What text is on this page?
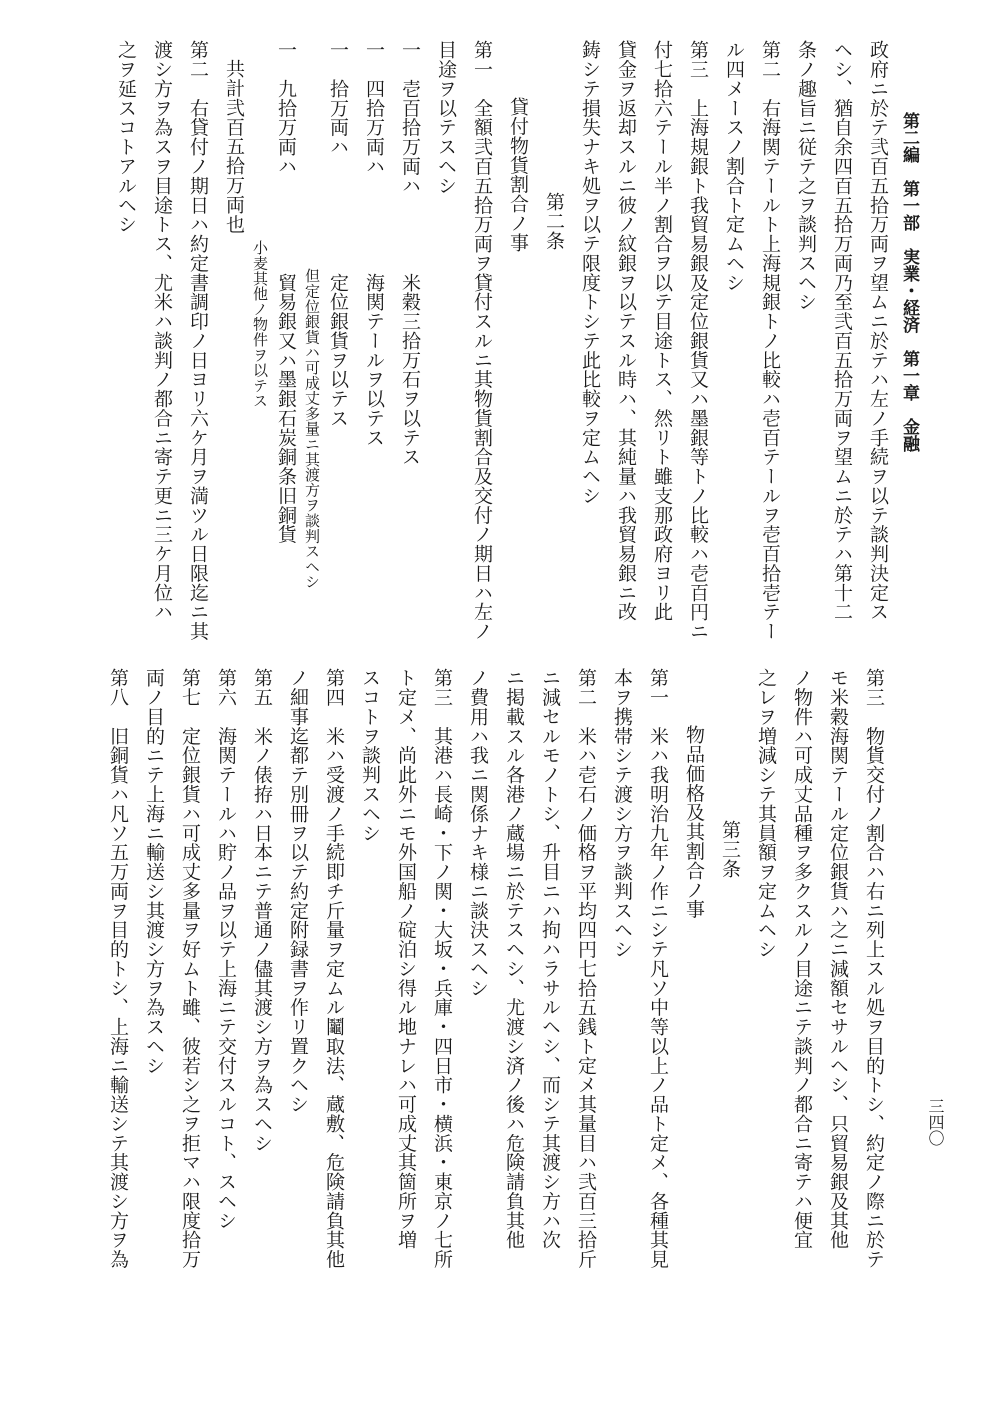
第二編　第一部　実業・経済　第一章　金融
三四〇
政府ニ於テ弐百五拾万両ヲ望ムニ於テハ左ノ手続ヲ以テ談判決定ス
ヘシ、猶自余四百五拾万両乃至弐百五拾万両ヲ望ムニ於テハ第十二
条ノ趣旨ニ従テ之ヲ談判スヘシ
第二　右海関テールト上海規銀トノ比較ハ壱百テールヲ壱百拾壱テー
ル四メースノ割合ト定ムヘシ
第三　上海規銀ト我貿易銀及定位銀貨又ハ墨銀等トノ比較ハ壱百円ニ
付七拾六テール半ノ割合ヲ以テ目途トス、然リト雖支那政府ヨリ此
貸金ヲ返却スルニ彼ノ紋銀ヲ以テスル時ハ、其純量ハ我貿易銀ニ改
鋳シテ損失ナキ処ヲ以テ限度トシテ此比較ヲ定ムヘシ
第二条
貸付物貨割合ノ事
第一　全額弐百五拾万両ヲ貸付スルニ其物貨割合及交付ノ期日ハ左ノ
目途ヲ以テスヘシ
一　壱百拾万両ハ　　　　米穀三拾万石ヲ以テス
一　四拾万両ハ　　　　　海関テールヲ以テス
一　拾万両ハ　　　　　　定位銀貨ヲ以テス
但定位銀貨ハ可成丈多量ニ其渡方ヲ談判スヘシ
一　九拾万両ハ　　　　　貿易銀又ハ墨銀石炭銅条旧銅貨
小麦其他ノ物件ヲ以テス
共計弐百五拾万両也
第二　右貸付ノ期日ハ約定書調印ノ日ヨリ六ケ月ヲ満ツル日限迄ニ其
渡シ方ヲ為スヲ目途トス、尤米ハ談判ノ都合ニ寄テ更ニ三ケ月位ハ
之ヲ延スコトアルヘシ
第三　物貨交付ノ割合ハ右ニ列上スル処ヲ目的トシ、約定ノ際ニ於テ
モ米穀海関テール定位銀貨ハ之ニ減額セサルヘシ、只貿易銀及其他
ノ物件ハ可成丈品種ヲ多クスルノ目途ニテ談判ノ都合ニ寄テハ便宜
之レヲ増減シテ其員額ヲ定ムヘシ
第三条
物品価格及其割合ノ事
第一　米ハ我明治九年ノ作ニシテ凡ソ中等以上ノ品ト定メ、各種其見
本ヲ携帯シテ渡シ方ヲ談判スヘシ
第二　米ハ壱石ノ価格ヲ平均四円七拾五銭ト定メ其量目ハ弐百三拾斤
ニ減セルモノトシ、升目ニハ拘ハラサルヘシ、而シテ其渡シ方ハ次
ニ掲載スル各港ノ蔵場ニ於テスヘシ、尤渡シ済ノ後ハ危険請負其他
ノ費用ハ我ニ関係ナキ様ニ談決スヘシ
第三　其港ハ長崎・下ノ関・大坂・兵庫・四日市・横浜・東京ノ七所
ト定メ、尚此外ニモ外国船ノ碇泊シ得ル地ナレハ可成丈其箇所ヲ増
スコトヲ談判スヘシ
第四　米ハ受渡ノ手続即チ斤量ヲ定ムル鬮取法、蔵敷、危険請負其他
ノ細事迄都テ別冊ヲ以テ約定附録書ヲ作リ置クヘシ
第五　米ノ俵拵ハ日本ニテ普通ノ儘其渡シ方ヲ為スヘシ
第六　海関テールハ貯ノ品ヲ以テ上海ニテ交付スルコト、スヘシ
第七　定位銀貨ハ可成丈多量ヲ好ムト雖、彼若シ之ヲ拒マハ限度拾万
両ノ目的ニテ上海ニ輸送シ其渡シ方ヲ為スヘシ
第八　旧銅貨ハ凡ソ五万両ヲ目的トシ、上海ニ輸送シテ其渡シ方ヲ為
